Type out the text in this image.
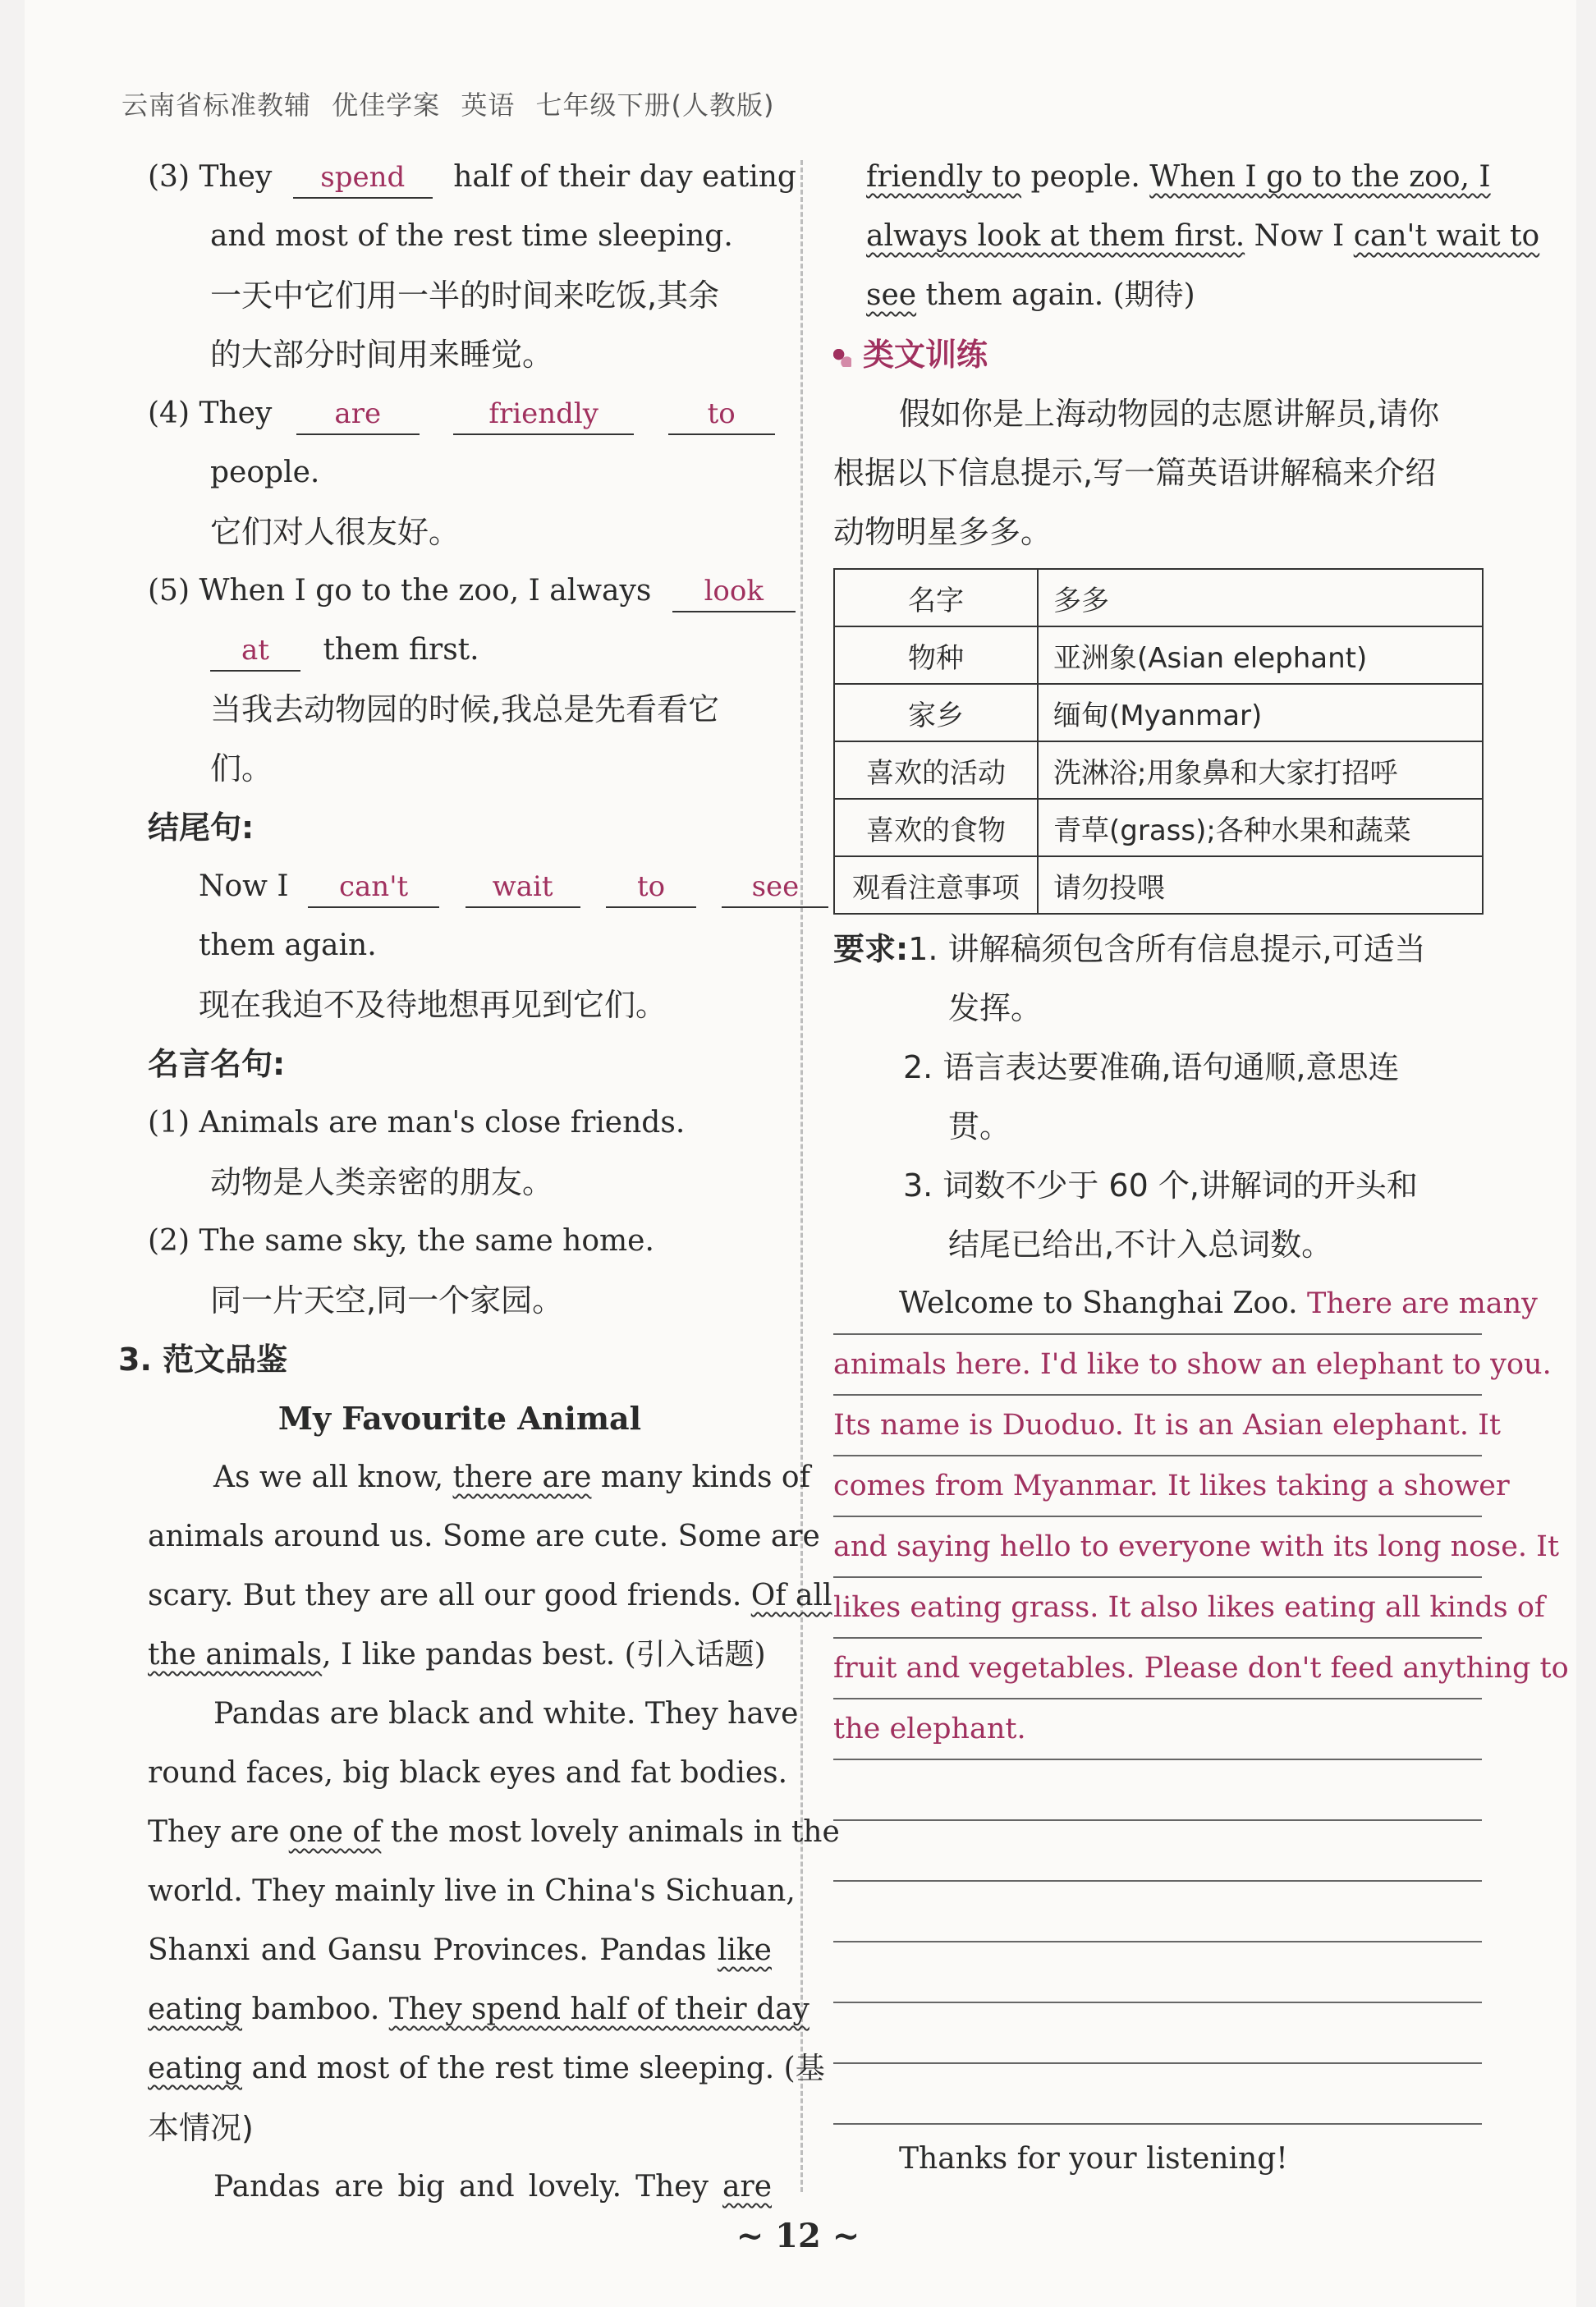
云南省标准教辅 优佳学案 英语 七年级下册(人教版)
(3) They spend half of their day eating
and most of the rest time sleeping.
一天中它们用一半的时间来吃饭,其余
的大部分时间用来睡觉。
(4) They are	friendly	to
people.
它们对人很友好。
(5) When I go to the zoo, I always look
at them first.
当我去动物园的时候,我总是先看看它
们。
结尾句:
Now I can't	wait	to	see
them again.
现在我迫不及待地想再见到它们。
名言名句:
(1) Animals are man's close friends.
动物是人类亲密的朋友。
(2) The same sky, the same home.
同一片天空,同一个家园。
3. 范文品鉴
My Favourite Animal
As we all know, there are many kinds of
animals around us. Some are cute. Some are
scary. But they are all our good friends. Of all
the animals, I like pandas best. (引入话题)
Pandas are black and white. They have
round faces, big black eyes and fat bodies.
They are one of the most lovely animals in the
world. They mainly live in China's Sichuan,
Shanxi and Gansu Provinces. Pandas like
eating bamboo. They spend half of their day
eating and most of the rest time sleeping. (基
本情况)
Pandas are big and lovely. They are
friendly to people. When I go to the zoo, I
always look at them first. Now I can't wait to
see them again. (期待)
类文训练
假如你是上海动物园的志愿讲解员,请你
根据以下信息提示,写一篇英语讲解稿来介绍
动物明星多多。
名字	多多
物种	亚洲象(Asian elephant)
家乡	缅甸(Myanmar)
喜欢的活动	洗淋浴;用象鼻和大家打招呼
喜欢的食物	青草(grass);各种水果和蔬菜
观看注意事项	请勿投喂
要求:1. 讲解稿须包含所有信息提示,可适当
发挥。
2. 语言表达要准确,语句通顺,意思连
贯。
3. 词数不少于 60 个,讲解词的开头和
结尾已给出,不计入总词数。
Welcome to Shanghai Zoo. There are many
animals here. I'd like to show an elephant to you.
Its name is Duoduo. It is an Asian elephant. It
comes from Myanmar. It likes taking a shower
and saying hello to everyone with its long nose. It
likes eating grass. It also likes eating all kinds of
fruit and vegetables. Please don't feed anything to
the elephant.
Thanks for your listening!
~ 12 ~
